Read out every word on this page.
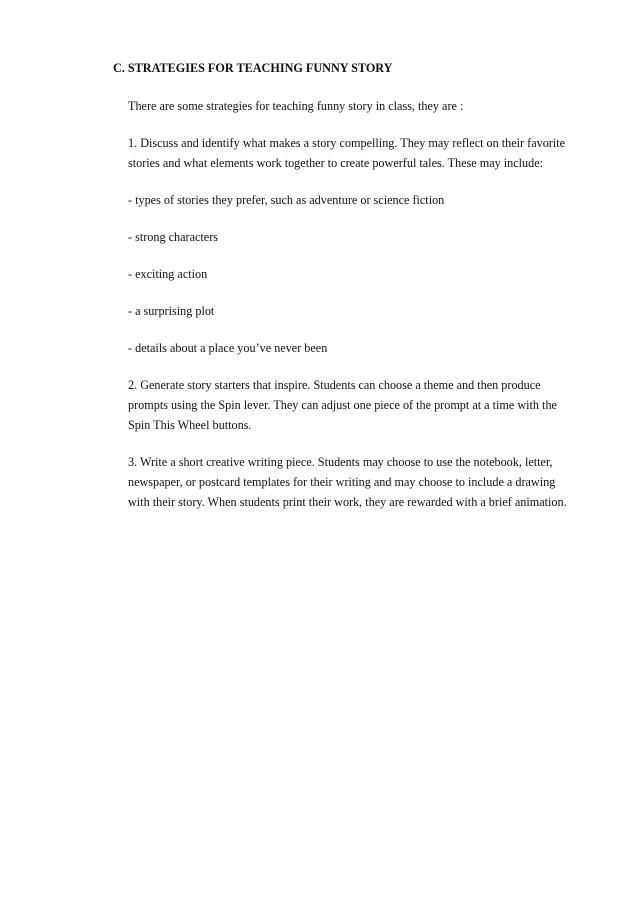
C. STRATEGIES FOR TEACHING FUNNY STORY

There are some strategies for teaching funny story in class, they are :

1. Discuss and identify what makes a story compelling. They may reflect on their favorite stories and what elements work together to create powerful tales. These may include:

- types of stories they prefer, such as adventure or science fiction

- strong characters

- exciting action

- a surprising plot

- details about a place you’ve never been

2. Generate story starters that inspire. Students can choose a theme and then produce prompts using the Spin lever. They can adjust one piece of the prompt at a time with the Spin This Wheel buttons.

3. Write a short creative writing piece. Students may choose to use the notebook, letter, newspaper, or postcard templates for their writing and may choose to include a drawing with their story. When students print their work, they are rewarded with a brief animation.
